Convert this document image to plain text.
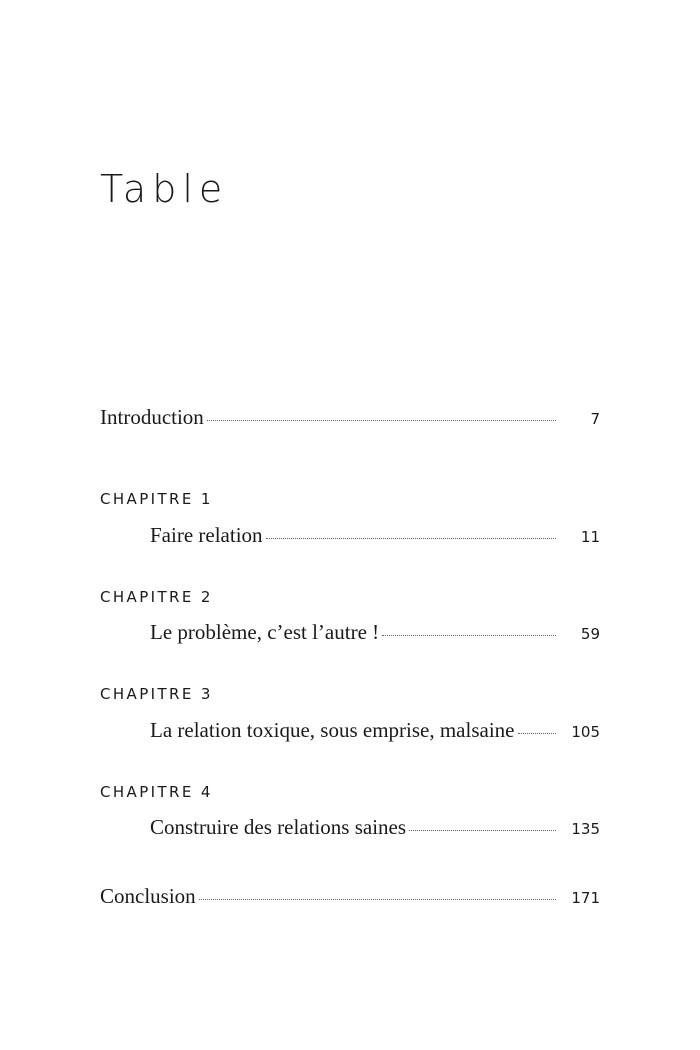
Table
Introduction	7
CHAPITRE 1
Faire relation	11
CHAPITRE 2
Le problème, c’est l’autre !	59
CHAPITRE 3
La relation toxique, sous emprise, malsaine	105
CHAPITRE 4
Construire des relations saines	135
Conclusion	171
